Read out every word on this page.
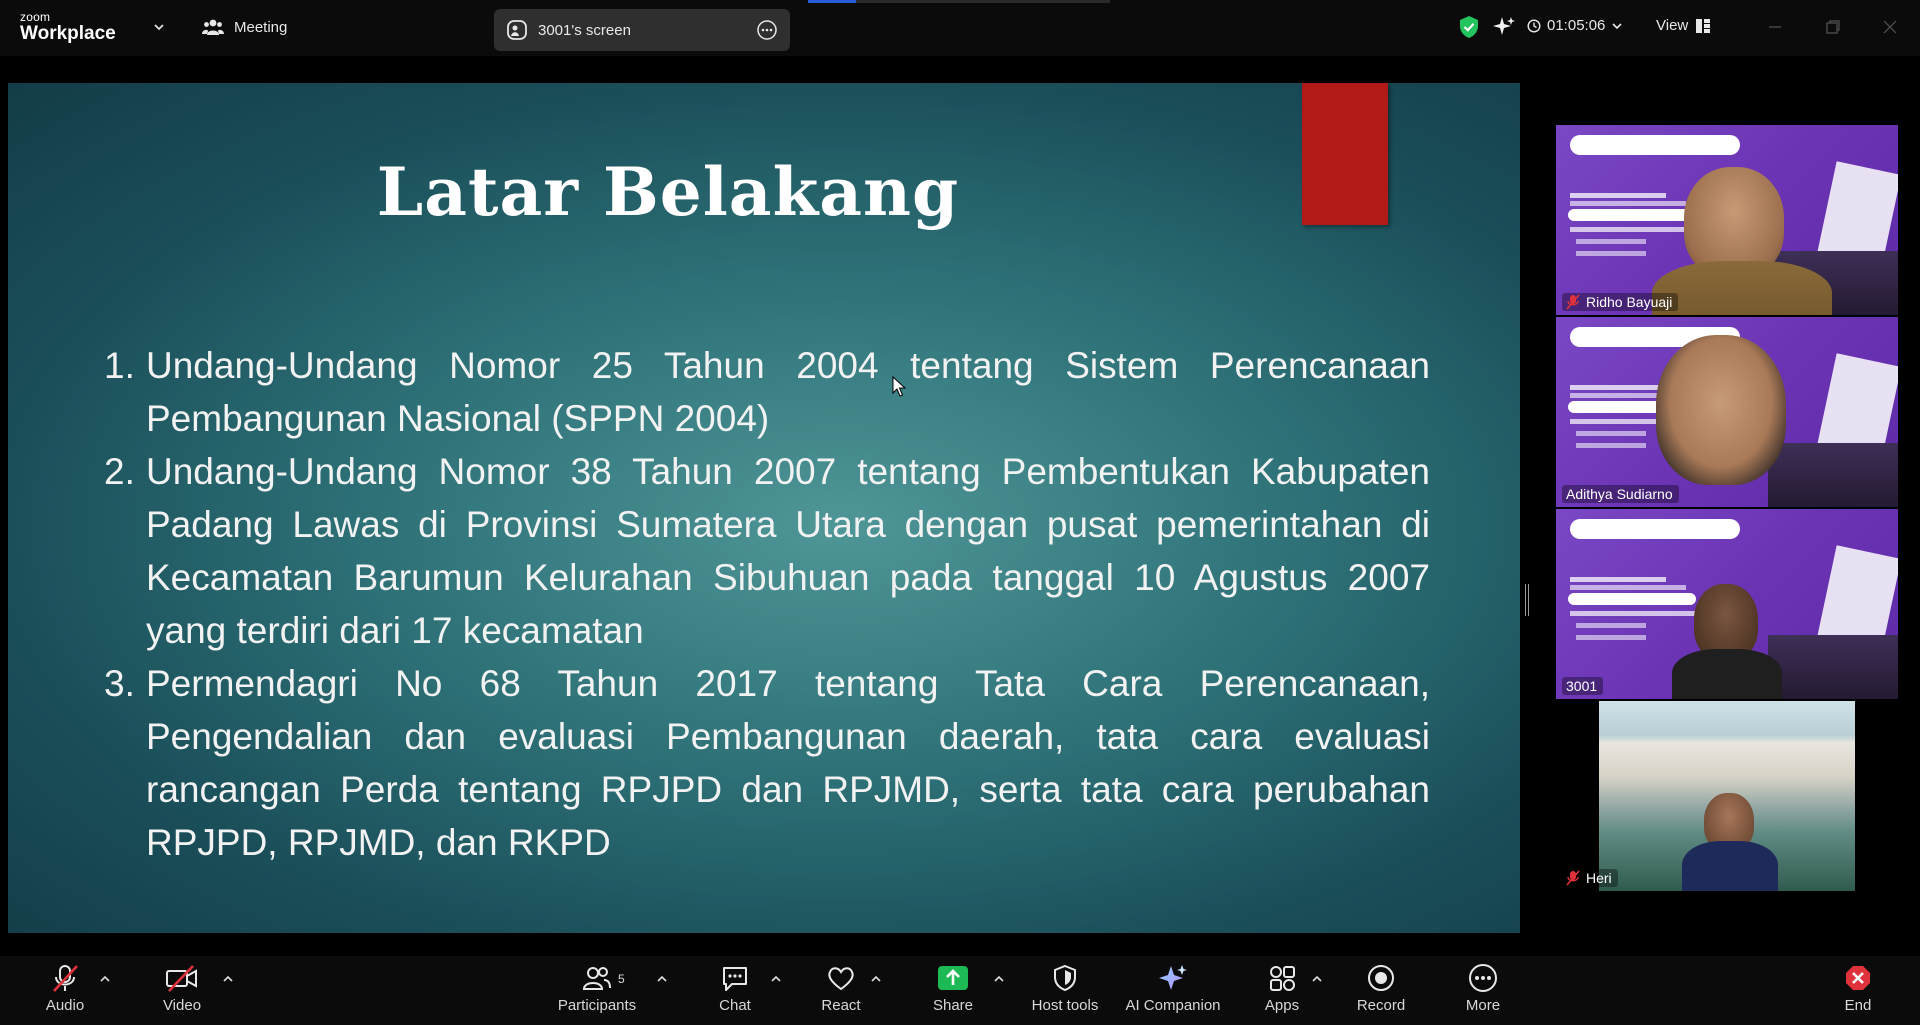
zoom
Workplace	Meeting	3001's screen	01:05:06	View
Latar Belakang
1. Undang-Undang Nomor 25 Tahun 2004 tentang Sistem Perencanaan Pembangunan Nasional (SPPN 2004)
2. Undang-Undang Nomor 38 Tahun 2007 tentang Pembentukan Kabupaten Padang Lawas di Provinsi Sumatera Utara dengan pusat pemerintahan di Kecamatan Barumun Kelurahan Sibuhuan pada tanggal 10 Agustus 2007 yang terdiri dari 17 kecamatan
3. Permendagri No 68 Tahun 2017 tentang Tata Cara Perencanaan, Pengendalian dan evaluasi Pembangunan daerah, tata cara evaluasi rancangan Perda tentang RPJPD dan RPJMD, serta tata cara perubahan RPJPD, RPJMD, dan RKPD
Ridho Bayuaji
Adithya Sudiarno
3001
Heri
Audio	Video	Participants
5
Chat	React	Share	Host tools AI Companion	Apps	Record	More	End
